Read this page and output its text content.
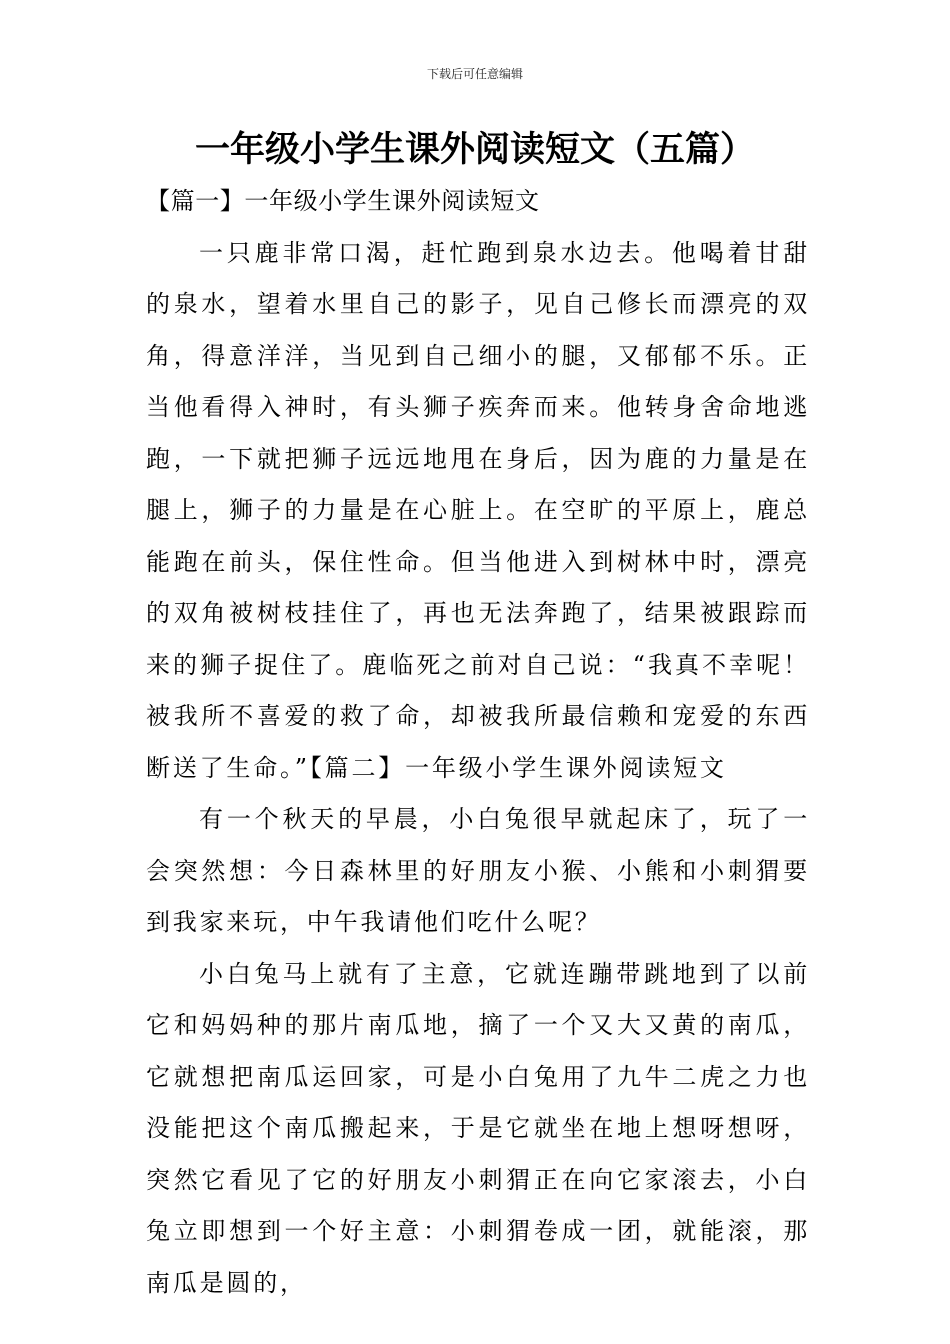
下载后可任意编辑
一年级小学生课外阅读短文（五篇）

【篇一】一年级小学生课外阅读短文

一只鹿非常口渴，赶忙跑到泉水边去。他喝着甘甜的泉水，望着水里自己的影子，见自己修长而漂亮的双角，得意洋洋，当见到自己细小的腿，又郁郁不乐。正当他看得入神时，有头狮子疾奔而来。他转身舍命地逃跑，一下就把狮子远远地甩在身后，因为鹿的力量是在腿上，狮子的力量是在心脏上。在空旷的平原上，鹿总能跑在前头，保住性命。但当他进入到树林中时，漂亮的双角被树枝挂住了，再也无法奔跑了，结果被跟踪而来的狮子捉住了。鹿临死之前对自己说：“我真不幸呢！被我所不喜爱的救了命，却被我所最信赖和宠爱的东西断送了生命。”【篇二】一年级小学生课外阅读短文

有一个秋天的早晨，小白兔很早就起床了，玩了一会突然想：今日森林里的好朋友小猴、小熊和小刺猬要到我家来玩，中午我请他们吃什么呢？

小白兔马上就有了主意，它就连蹦带跳地到了以前它和妈妈种的那片南瓜地，摘了一个又大又黄的南瓜，它就想把南瓜运回家，可是小白兔用了九牛二虎之力也没能把这个南瓜搬起来，于是它就坐在地上想呀想呀，突然它看见了它的好朋友小刺猬正在向它家滚去，小白兔立即想到一个好主意：小刺猬卷成一团，就能滚，那南瓜是圆的，
